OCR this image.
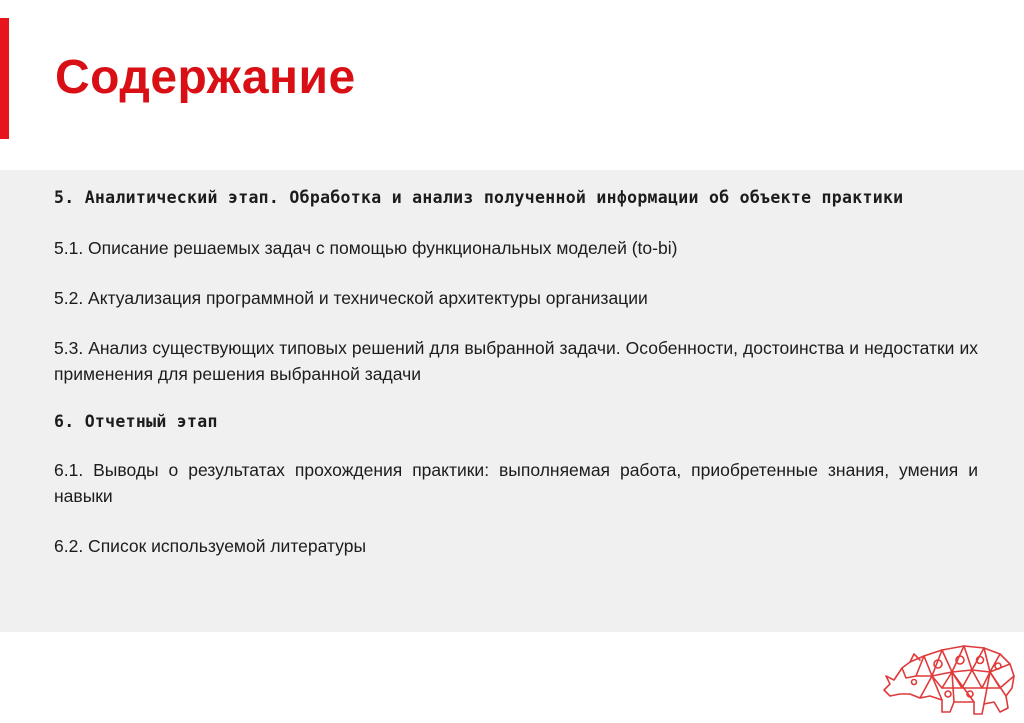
Содержание

5. Аналитический этап. Обработка и анализ полученной информации об объекте практики

5.1. Описание решаемых задач с помощью функциональных моделей (to-bi)

5.2. Актуализация программной и технической архитектуры организации

5.3. Анализ существующих типовых решений для выбранной задачи. Особенности, достоинства и недостатки их применения для решения выбранной задачи

6. Отчетный этап

6.1. Выводы о результатах прохождения практики: выполняемая работа, приобретенные знания, умения и навыки

6.2. Список используемой литературы
